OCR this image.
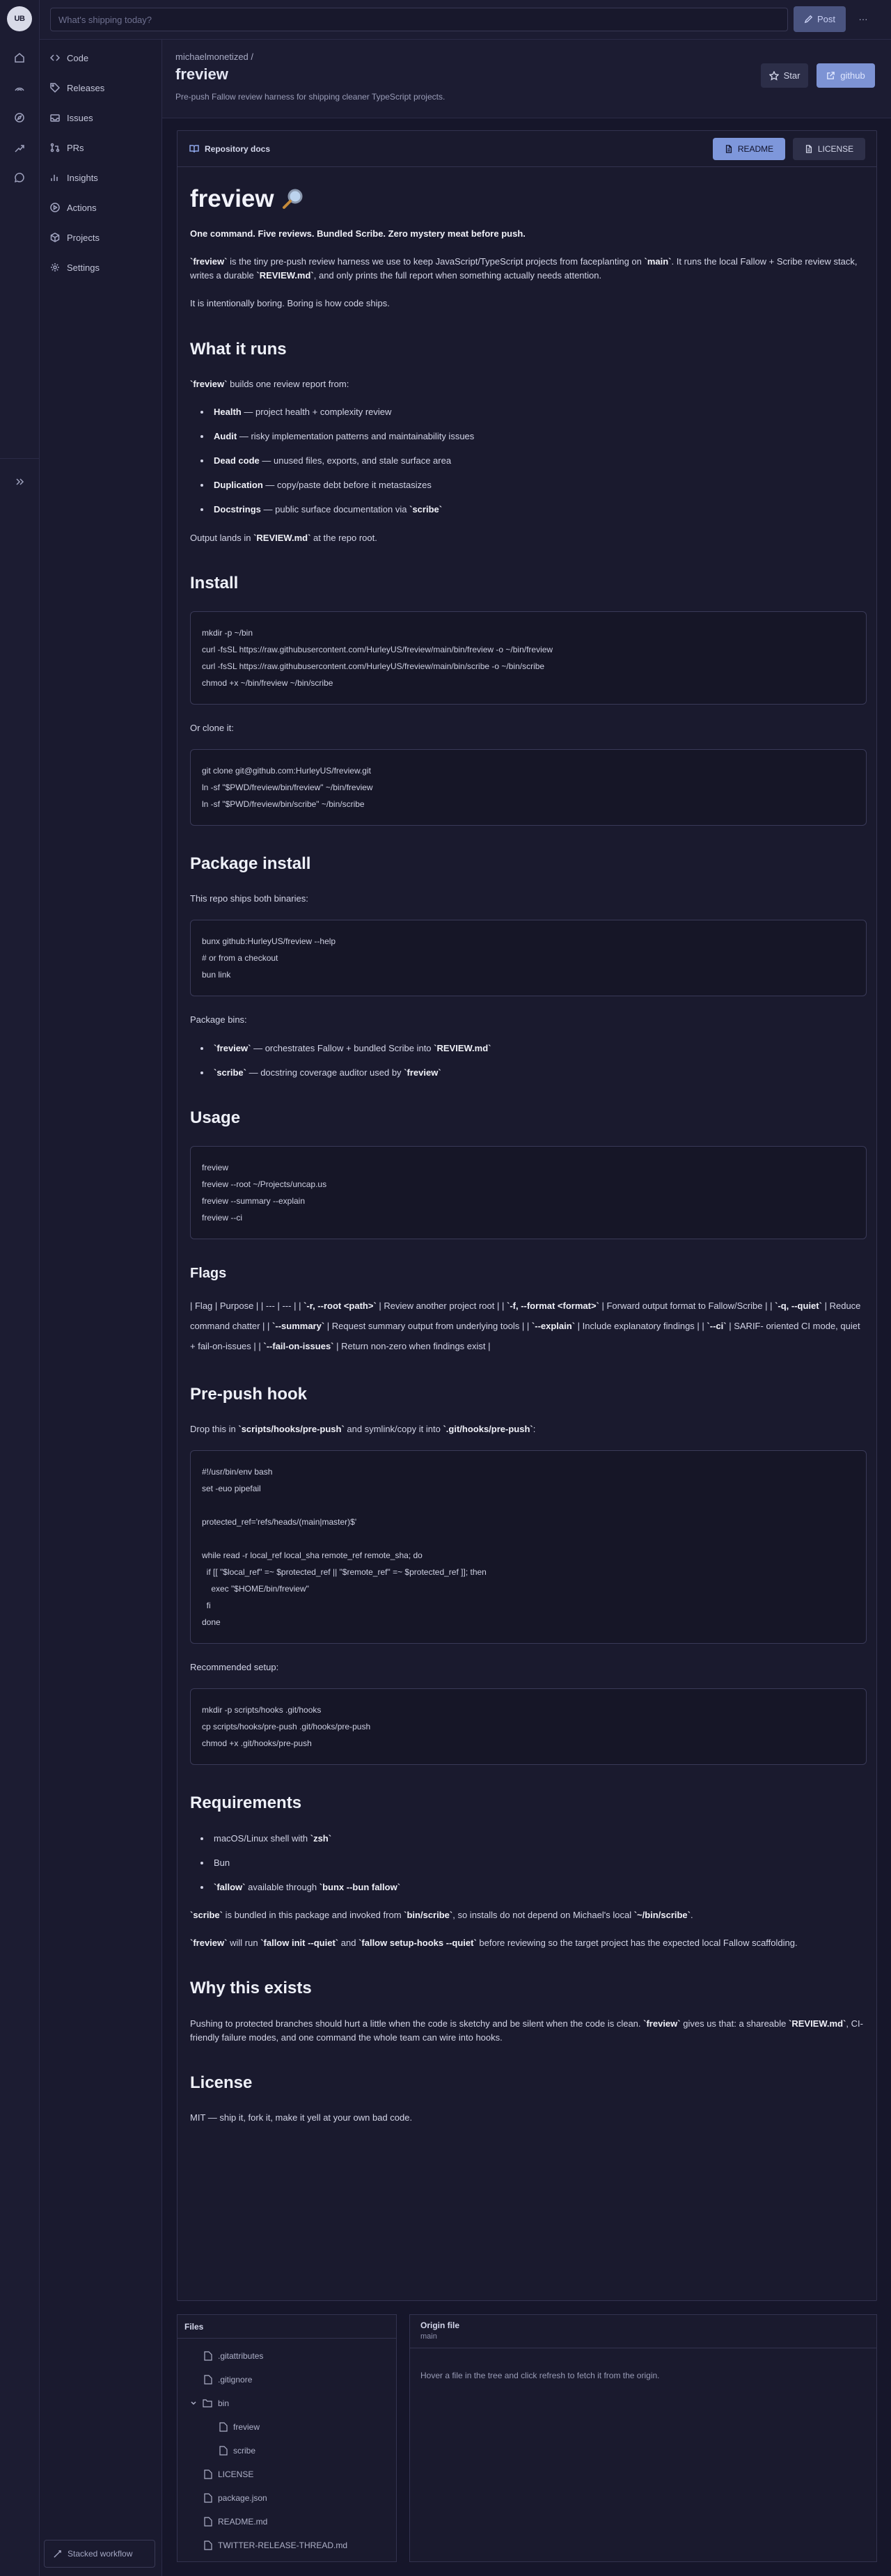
UB	What's shipping today?	Post	···
Code
Releases
Issues
PRs
Insights
Actions
Projects
Settings
Stacked workflow
michaelmonetized /
freview
Pre-push Fallow review harness for shipping cleaner TypeScript projects.
Star	github
Repository docs	README	LICENSE
freview

One command. Five reviews. Bundled Scribe. Zero mystery meat before push.

`freview` is the tiny pre-push review harness we use to keep JavaScript/TypeScript projects from faceplanting on `main`. It runs the local Fallow + Scribe review stack, writes a durable `REVIEW.md`, and only prints the full report when something actually needs attention.

It is intentionally boring. Boring is how code ships.

What it runs

`freview` builds one review report from:

• Health — project health + complexity review
• Audit — risky implementation patterns and maintainability issues
• Dead code — unused files, exports, and stale surface area
• Duplication — copy/paste debt before it metastasizes
• Docstrings — public surface documentation via `scribe`

Output lands in `REVIEW.md` at the repo root.

Install
mkdir -p ~/bin
curl -fsSL https://raw.githubusercontent.com/HurleyUS/freview/main/bin/freview -o ~/bin/freview
curl -fsSL https://raw.githubusercontent.com/HurleyUS/freview/main/bin/scribe -o ~/bin/scribe
chmod +x ~/bin/freview ~/bin/scribe

Or clone it:

git clone git@github.com:HurleyUS/freview.git
ln -sf "$PWD/freview/bin/freview" ~/bin/freview
ln -sf "$PWD/freview/bin/scribe" ~/bin/scribe
Package install

This repo ships both binaries:

bunx github:HurleyUS/freview --help
# or from a checkout
bun link

Package bins:

• `freview` — orchestrates Fallow + bundled Scribe into `REVIEW.md`
• `scribe` — docstring coverage auditor used by `freview`
Usage
freview
freview --root ~/Projects/uncap.us
freview --summary --explain
freview --ci
Flags

| Flag | Purpose | | --- | --- | | `-r, --root <path>` | Review another project root | | `-f, --format <format>` | Forward output format to Fallow/Scribe | | `-q, --quiet` | Reduce command chatter | | `--summary` | Request summary output from underlying tools | | `--explain` | Include explanatory findings | | `--ci` | SARIF- oriented CI mode, quiet + fail-on-issues | | `--fail-on-issues` | Return non-zero when findings exist |

Pre-push hook

Drop this in `scripts/hooks/pre-push` and symlink/copy it into `.git/hooks/pre-push`:

#!/usr/bin/env bash
set -euo pipefail

protected_ref='refs/heads/(main|master)$'

while read -r local_ref local_sha remote_ref remote_sha; do
if [[ "$local_ref" =~ $protected_ref || "$remote_ref" =~ $protected_ref ]]; then
exec "$HOME/bin/freview"
fi
done

Recommended setup:

mkdir -p scripts/hooks .git/hooks
cp scripts/hooks/pre-push .git/hooks/pre-push
chmod +x .git/hooks/pre-push
Requirements
• macOS/Linux shell with `zsh`
• Bun
• `fallow` available through `bunx --bun fallow`

`scribe` is bundled in this package and invoked from `bin/scribe`, so installs do not depend on Michael's local `~/bin/scribe`.

`freview` will run `fallow init --quiet` and `fallow setup-hooks --quiet` before reviewing so the target project has the expected local Fallow scaffolding.

Why this exists

Pushing to protected branches should hurt a little when the code is sketchy and be silent when the code is clean. `freview` gives us that: a shareable `REVIEW.md`, CI-friendly failure modes, and one command the whole team can wire into hooks.

License

MIT — ship it, fork it, make it yell at your own bad code.

Files
.gitattributes
.gitignore
bin
freview
scribe
LICENSE
package.json
README.md
TWITTER-RELEASE-THREAD.md
Origin file
main
Hover a file in the tree and click refresh to fetch it from the origin.
